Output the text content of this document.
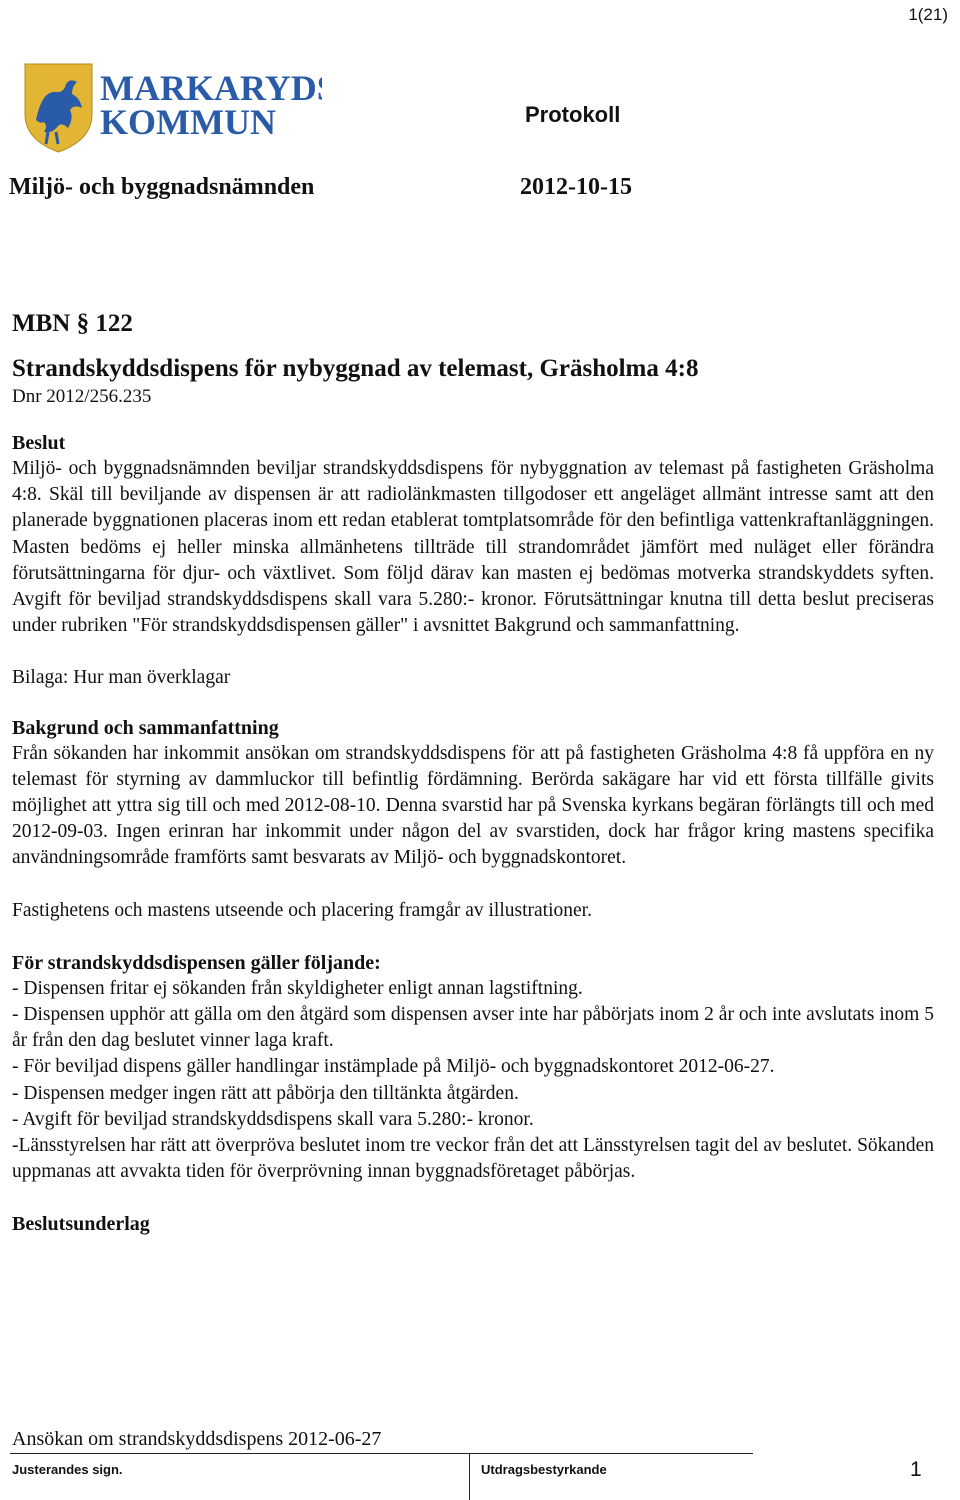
1(21)
MARKARYDS
KOMMUN	Protokoll
Miljö- och byggnadsnämnden	2012-10-15
MBN § 122
Strandskyddsdispens för nybyggnad av telemast, Gräsholma 4:8
Dnr 2012/256.235
Beslut

Miljö- och byggnadsnämnden beviljar strandskyddsdispens för nybyggnation av telemast på fastigheten Gräsholma 4:8. Skäl till beviljande av dispensen är att radiolänkmasten tillgodoser ett angeläget allmänt intresse samt att den planerade byggnationen placeras inom ett redan etablerat tomtplatsområde för den befintliga vattenkraftanläggningen. Masten bedöms ej heller minska allmänhetens tillträde till strandområdet jämfört med nuläget eller förändra förutsättningarna för djur- och växtlivet. Som följd därav kan masten ej bedömas motverka strandskyddets syften. Avgift för beviljad strandskyddsdispens skall vara 5.280:- kronor. Förutsättningar knutna till detta beslut preciseras under rubriken "För strandskyddsdispensen gäller" i avsnittet Bakgrund och sammanfattning.

Bilaga: Hur man överklagar

Bakgrund och sammanfattning

Från sökanden har inkommit ansökan om strandskyddsdispens för att på fastigheten Gräsholma 4:8 få uppföra en ny telemast för styrning av dammluckor till befintlig fördämning. Berörda sakägare har vid ett första tillfälle givits möjlighet att yttra sig till och med 2012-08-10. Denna svarstid har på Svenska kyrkans begäran förlängts till och med 2012-09-03. Ingen erinran har inkommit under någon del av svarstiden, dock har frågor kring mastens specifika användningsområde framförts samt besvarats av Miljö- och byggnadskontoret.

Fastighetens och mastens utseende och placering framgår av illustrationer.

För strandskyddsdispensen gäller följande:
- Dispensen fritar ej sökanden från skyldigheter enligt annan lagstiftning.
- Dispensen upphör att gälla om den åtgärd som dispensen avser inte har påbörjats inom 2 år och inte avslutats inom 5 år från den dag beslutet vinner laga kraft.
- För beviljad dispens gäller handlingar instämplade på Miljö- och byggnadskontoret 2012-06-27.
- Dispensen medger ingen rätt att påbörja den tilltänkta åtgärden.
- Avgift för beviljad strandskyddsdispens skall vara 5.280:- kronor.
-Länsstyrelsen har rätt att överpröva beslutet inom tre veckor från det att Länsstyrelsen tagit del av beslutet. Sökanden uppmanas att avvakta tiden för överprövning innan byggnadsföretaget påbörjas.
Beslutsunderlag
Ansökan om strandskyddsdispens 2012-06-27
Justerandes sign.	Utdragsbestyrkande	1
